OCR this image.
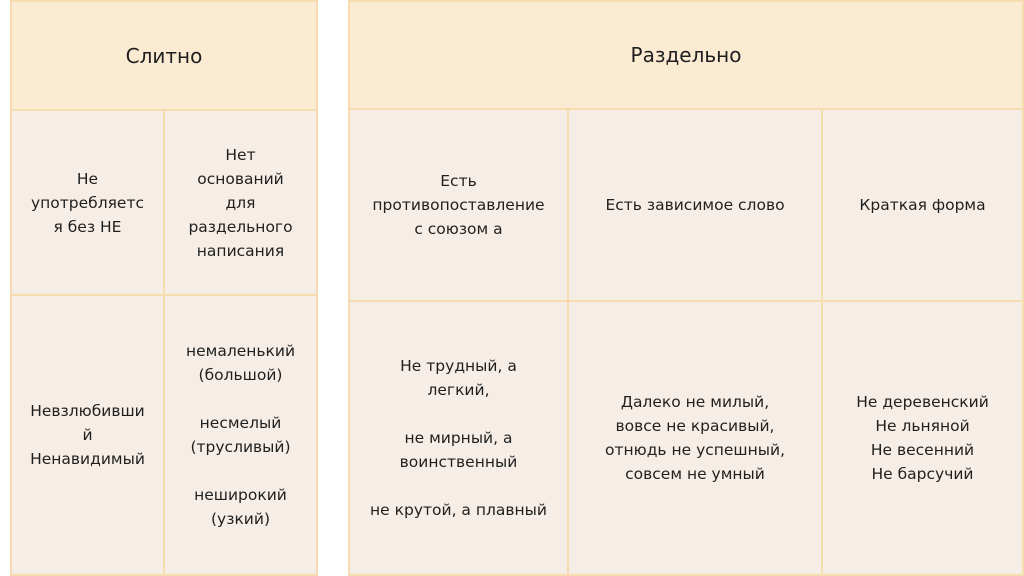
Слитно
Не
употребляетс
я без НЕ
Нет
оснований
для
раздельного
написания
Невзлюбивши
й
Ненавидимый
немаленький
(большой)

несмелый
(трусливый)

неширокий
(узкий)
Раздельно
Есть
противопоставление
с союзом а
Есть зависимое слово	Краткая форма
Не трудный, а
легкий,

не мирный, а
воинственный

не крутой, а плавный
Далеко не милый,
вовсе не красивый,
отнюдь не успешный,
совсем не умный
Не деревенский
Не льняной
Не весенний
Не барсучий
